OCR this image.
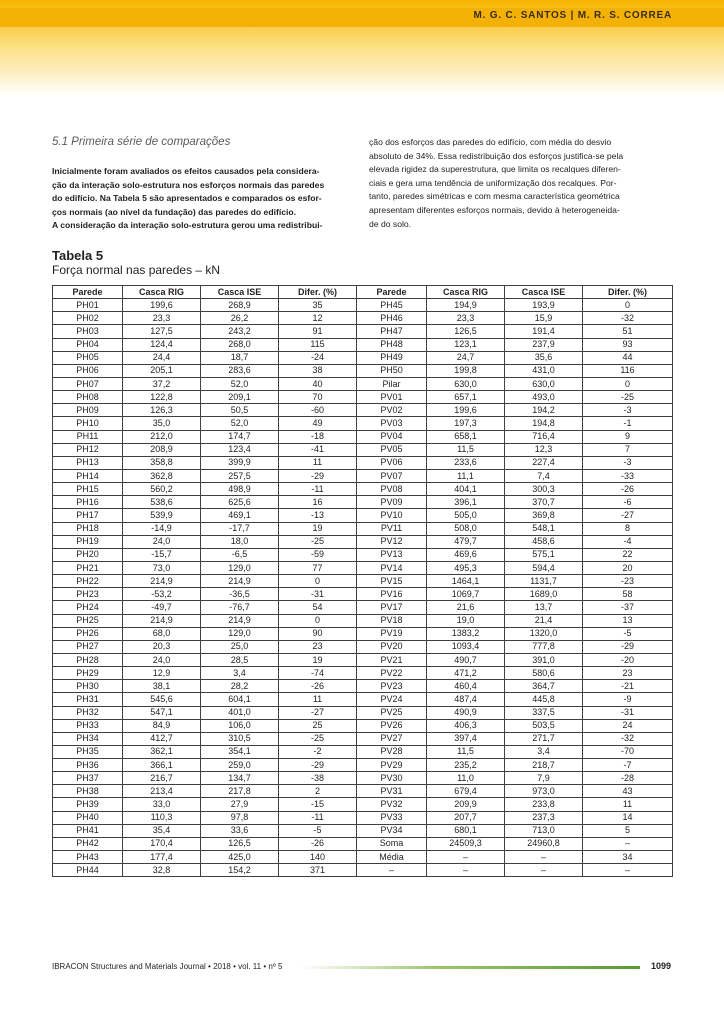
M. G. C. SANTOS | M. R. S. CORREA
5.1 Primeira série de comparações
Inicialmente foram avaliados os efeitos causados pela considera-
ção da interação solo-estrutura nos esforços normais das paredes
do edifício. Na Tabela 5 são apresentados e comparados os esfor-
ços normais (ao nível da fundação) das paredes do edifício.
A consideração da interação solo-estrutura gerou uma redistribui-
ção dos esforços das paredes do edifício, com média do desvio
absoluto de 34%. Essa redistribuição dos esforços justifica-se pela
elevada rigidez da superestrutura, que limita os recalques diferen-
ciais e gera uma tendência de uniformização dos recalques. Por-
tanto, paredes simétricas e com mesma característica geométrica
apresentam diferentes esforços normais, devido à heterogeneida-
de do solo.
Tabela 5
Força normal nas paredes – kN
Parede	Casca RIG	Casca ISE	Difer. (%)	Parede	Casca RIG	Casca ISE	Difer. (%)
PH01	199,6	268,9	35	PH45	194,9	193,9	0
PH02	23,3	26,2	12	PH46	23,3	15,9	-32
PH03	127,5	243,2	91	PH47	126,5	191,4	51
PH04	124,4	268,0	115	PH48	123,1	237,9	93
PH05	24,4	18,7	-24	PH49	24,7	35,6	44
PH06	205,1	283,6	38	PH50	199,8	431,0	116
PH07	37,2	52,0	40	Pilar	630,0	630,0	0
PH08	122,8	209,1	70	PV01	657,1	493,0	-25
PH09	126,3	50,5	-60	PV02	199,6	194,2	-3
PH10	35,0	52,0	49	PV03	197,3	194,8	-1
PH11	212,0	174,7	-18	PV04	658,1	716,4	9
PH12	208,9	123,4	-41	PV05	11,5	12,3	7
PH13	358,8	399,9	11	PV06	233,6	227,4	-3
PH14	362,8	257,5	-29	PV07	11,1	7,4	-33
PH15	560,2	498,9	-11	PV08	404,1	300,3	-26
PH16	538,6	625,6	16	PV09	396,1	370,7	-6
PH17	539,9	469,1	-13	PV10	505,0	369,8	-27
PH18	-14,9	-17,7	19	PV11	508,0	548,1	8
PH19	24,0	18,0	-25	PV12	479,7	458,6	-4
PH20	-15,7	-6,5	-59	PV13	469,6	575,1	22
PH21	73,0	129,0	77	PV14	495,3	594,4	20
PH22	214,9	214,9	0	PV15	1464,1	1131,7	-23
PH23	-53,2	-36,5	-31	PV16	1069,7	1689,0	58
PH24	-49,7	-76,7	54	PV17	21,6	13,7	-37
PH25	214,9	214,9	0	PV18	19,0	21,4	13
PH26	68,0	129,0	90	PV19	1383,2	1320,0	-5
PH27	20,3	25,0	23	PV20	1093,4	777,8	-29
PH28	24,0	28,5	19	PV21	490,7	391,0	-20
PH29	12,9	3,4	-74	PV22	471,2	580,6	23
PH30	38,1	28,2	-26	PV23	460,4	364,7	-21
PH31	545,6	604,1	11	PV24	487,4	445,8	-9
PH32	547,1	401,0	-27	PV25	490,9	337,5	-31
PH33	84,9	106,0	25	PV26	406,3	503,5	24
PH34	412,7	310,5	-25	PV27	397,4	271,7	-32
PH35	362,1	354,1	-2	PV28	11,5	3,4	-70
PH36	366,1	259,0	-29	PV29	235,2	218,7	-7
PH37	216,7	134,7	-38	PV30	11,0	7,9	-28
PH38	213,4	217,8	2	PV31	679,4	973,0	43
PH39	33,0	27,9	-15	PV32	209,9	233,8	11
PH40	110,3	97,8	-11	PV33	207,7	237,3	14
PH41	35,4	33,6	-5	PV34	680,1	713,0	5
PH42	170,4	126,5	-26	Soma	24509,3	24960,8	–
PH43	177,4	425,0	140	Média	–	–	34
PH44	32,8	154,2	371	–	–	–	–
IBRACON Structures and Materials Journal • 2018 • vol. 11 • nº 5	1099
